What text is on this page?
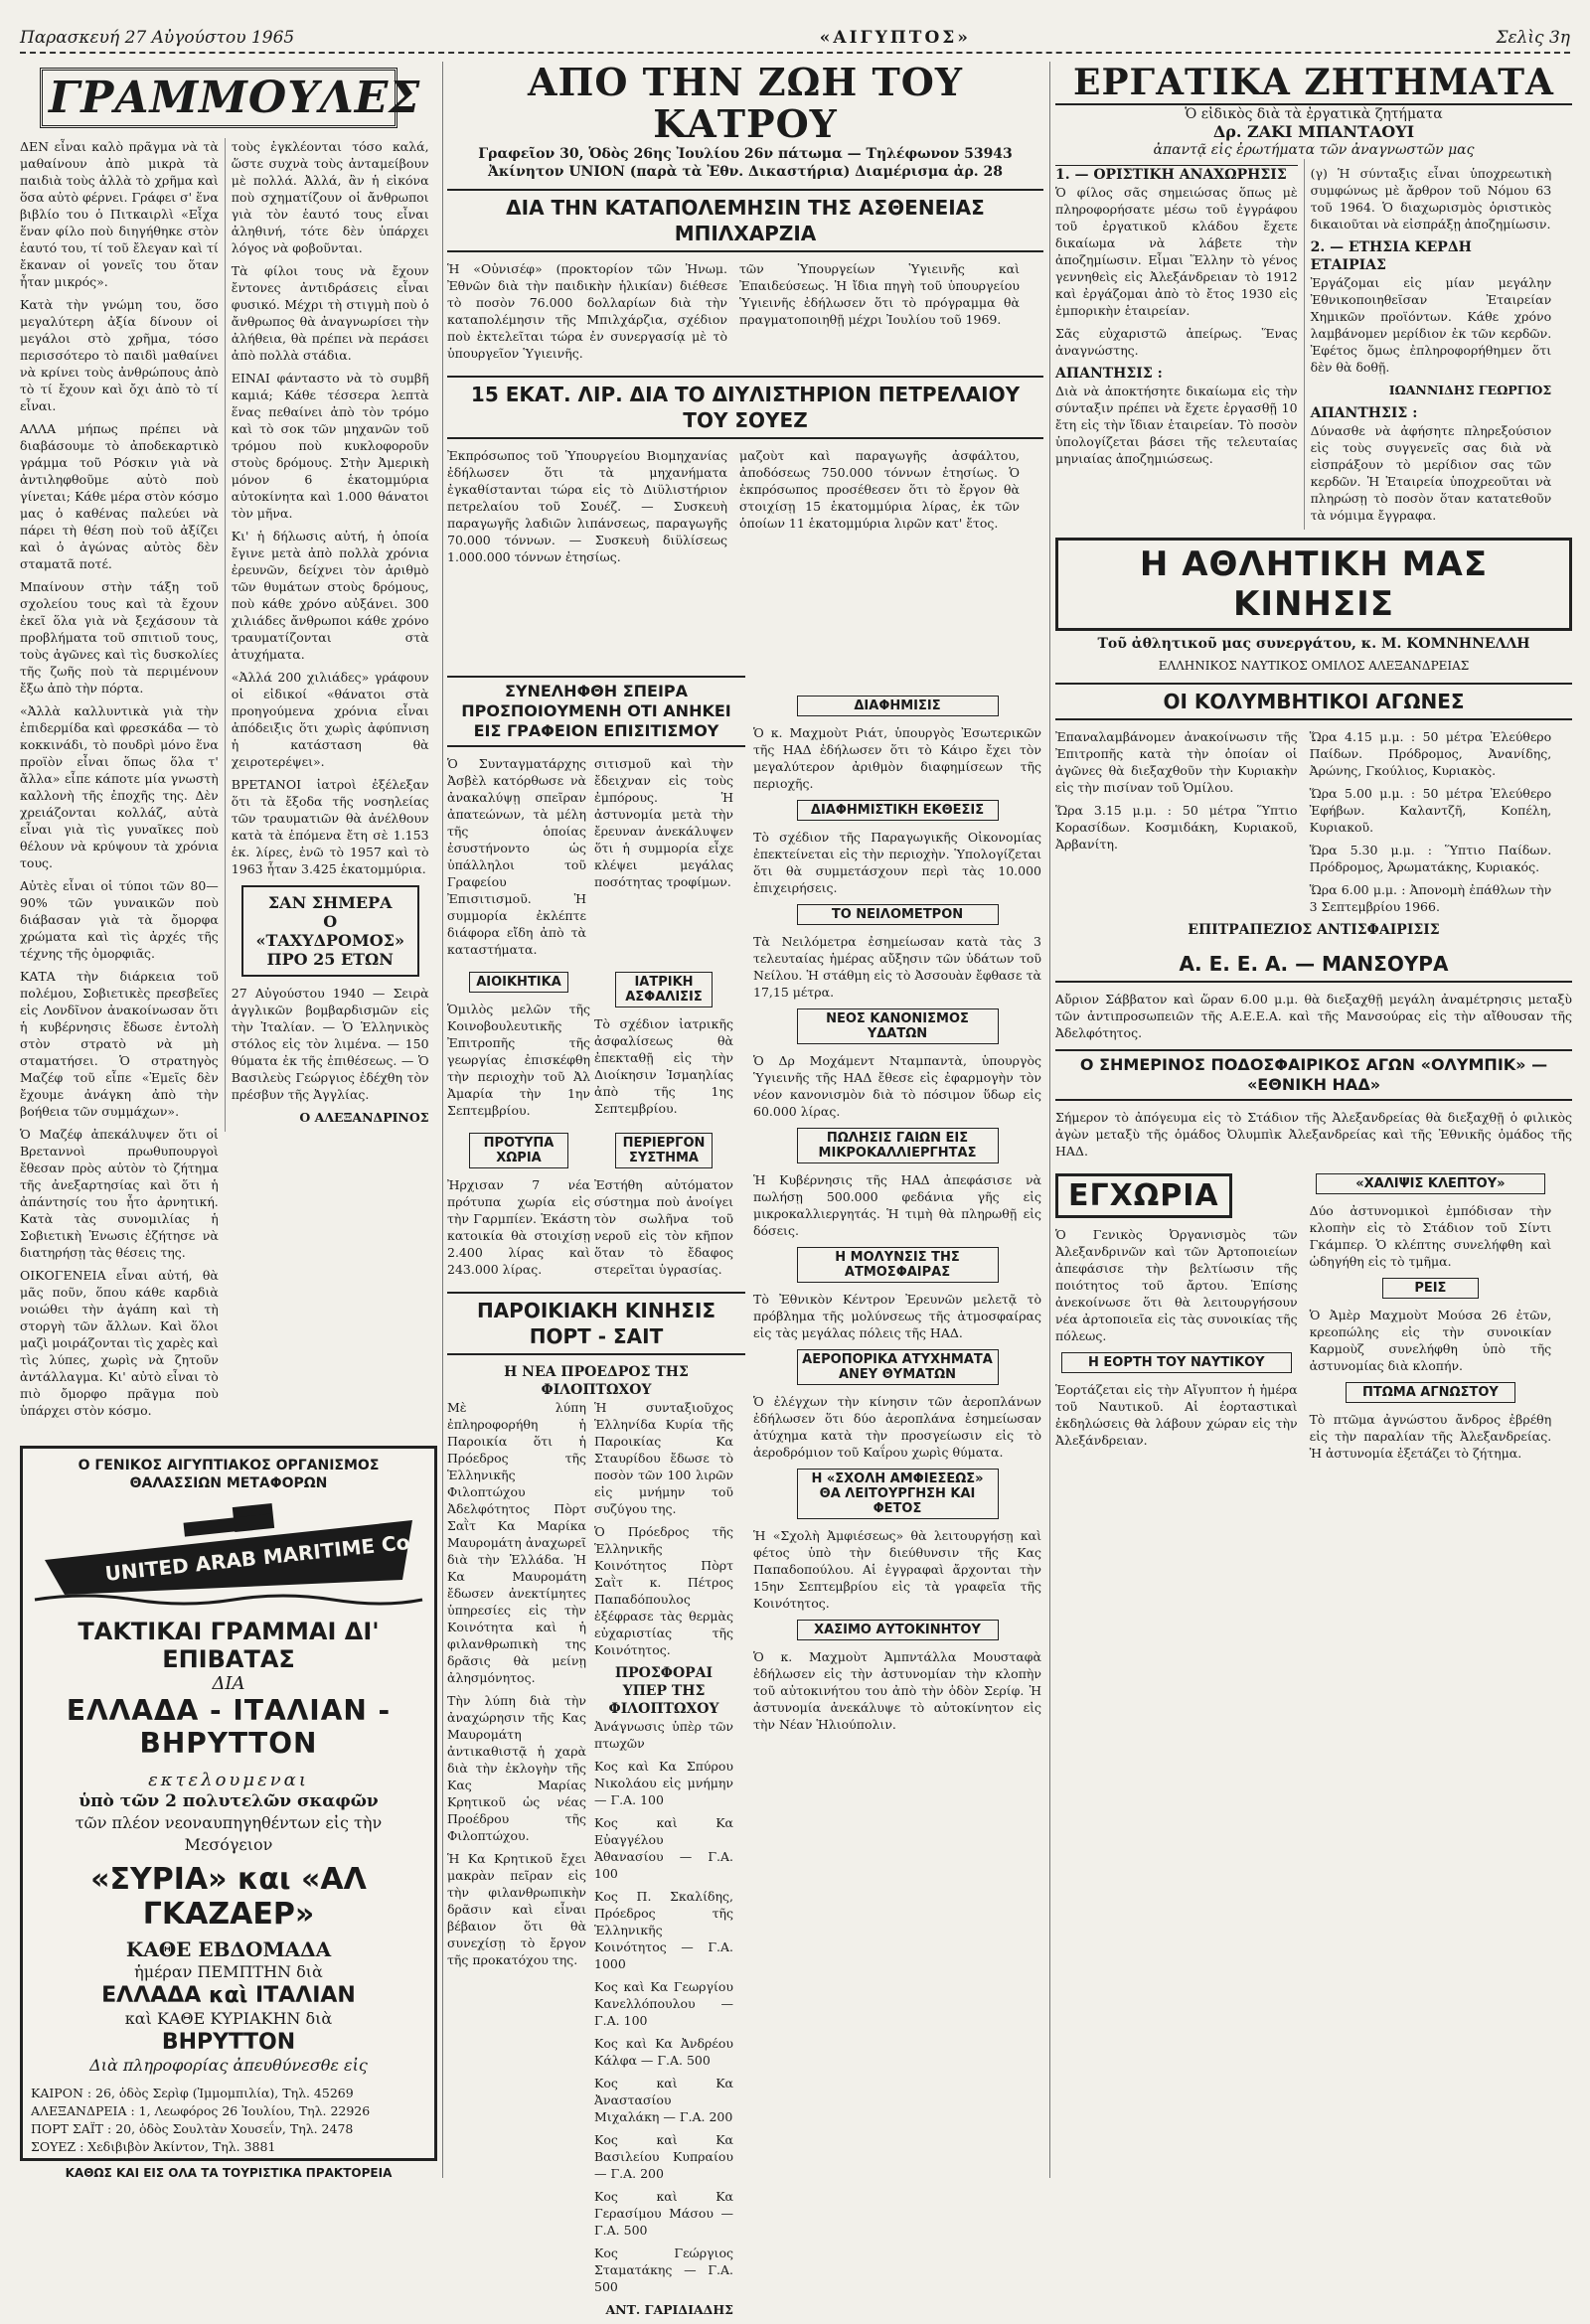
Παρασκευή 27 Αὐγούστου 1965	«ΑΙΓΥΠΤΟΣ»	Σελὶς 3η
ΓΡΑΜΜΟΥΛΕΣ

ΔΕΝ εἶναι καλὸ πρᾶγμα νὰ τὰ μαθαίνουν ἀπὸ μικρὰ τὰ παιδιὰ τοὺς ἀλλὰ τὸ χρῆμα καὶ ὅσα αὐτὸ φέρνει. Γράφει σ' ἕνα βιβλίο του ὁ Πιτκαιρλὶ «Εἶχα ἕναν φίλο ποὺ διηγήθηκε στὸν ἑαυτό του, τί τοῦ ἔλεγαν καὶ τί ἔκαναν οἱ γονεῖς του ὅταν ἦταν μικρός».

Κατὰ τὴν γνώμη του, ὅσο μεγαλύτερη ἀξία δίνουν οἱ μεγάλοι στὸ χρῆμα, τόσο περισσότερο τὸ παιδὶ μαθαίνει νὰ κρίνει τοὺς ἀνθρώπους ἀπὸ τὸ τί ἔχουν καὶ ὄχι ἀπὸ τὸ τί εἶναι.

ΑΛΛΑ μήπως πρέπει νὰ διαβάσουμε τὸ ἀποδεκαρτικὸ γράμμα τοῦ Ρόσκιν γιὰ νὰ ἀντιληφθοῦμε αὐτὸ ποὺ γίνεται; Κάθε μέρα στὸν κόσμο μας ὁ καθένας παλεύει νὰ πάρει τὴ θέση ποὺ τοῦ ἀξίζει καὶ ὁ ἀγώνας αὐτὸς δὲν σταματᾶ ποτέ.

Μπαίνουν στὴν τάξη τοῦ σχολείου τους καὶ τὰ ἔχουν ἐκεῖ ὅλα γιὰ νὰ ξεχάσουν τὰ προβλήματα τοῦ σπιτιοῦ τους, τοὺς ἀγῶνες καὶ τὶς δυσκολίες τῆς ζωῆς ποὺ τὰ περιμένουν ἔξω ἀπὸ τὴν πόρτα.

«Ἀλλὰ καλλυντικὰ γιὰ τὴν ἐπιδερμίδα καὶ φρεσκάδα — τὸ κοκκινάδι, τὸ πουδρὶ μόνο ἕνα προϊὸν εἶναι ὅπως ὅλα τ' ἄλλα» εἶπε κάποτε μία γνωστὴ καλλονὴ τῆς ἐποχῆς της. Δὲν χρειάζονται κολλάζ, αὐτὰ εἶναι γιὰ τὶς γυναῖκες ποὺ θέλουν νὰ κρύψουν τὰ χρόνια τους.

Αὐτὲς εἶναι οἱ τύποι τῶν 80—90% τῶν γυναικῶν ποὺ διάβασαν γιὰ τὰ ὄμορφα χρώματα καὶ τὶς ἀρχές τῆς τέχνης τῆς ὀμορφιᾶς.

ΚΑΤΑ τὴν διάρκεια τοῦ πολέμου, Σοβιετικὲς πρεσβεῖες εἰς Λονδῖνον ἀνακοίνωσαν ὅτι ἡ κυβέρνησις ἔδωσε ἐντολὴ στὸν στρατὸ νὰ μὴ σταματήσει. Ὁ στρατηγὸς Μαζέφ τοῦ εἶπε «Ἐμεῖς δὲν ἔχουμε ἀνάγκη ἀπὸ τὴν βοήθεια τῶν συμμάχων».

Ὁ Μαζέφ ἀπεκάλυψεν ὅτι οἱ Βρεταννοὶ πρωθυπουργοὶ ἔθεσαν πρὸς αὐτὸν τὸ ζήτημα τῆς ἀνεξαρτησίας καὶ ὅτι ἡ ἀπάντησίς του ἦτο ἀρνητική. Κατὰ τὰς συνομιλίας ἡ Σοβιετικὴ Ἑνωσις ἐζήτησε νὰ διατηρήσῃ τὰς θέσεις της.

ΟΙΚΟΓΕΝΕΙΑ εἶναι αὐτή, θὰ μᾶς ποῦν, ὅπου κάθε καρδιὰ νοιώθει τὴν ἀγάπη καὶ τὴ στοργὴ τῶν ἄλλων. Καὶ ὅλοι μαζὶ μοιράζονται τὶς χαρὲς καὶ τὶς λύπες, χωρὶς νὰ ζητοῦν ἀντάλλαγμα. Κι' αὐτὸ εἶναι τὸ πιὸ ὄμορφο πρᾶγμα ποὺ ὑπάρχει στὸν κόσμο.

τοὺς ἐγκλέονται τόσο καλά, ὥστε συχνὰ τοὺς ἀνταμείβουν μὲ πολλά. Ἀλλά, ἂν ἡ εἰκόνα ποὺ σχηματίζουν οἱ ἄνθρωποι γιὰ τὸν ἑαυτό τους εἶναι ἀληθινή, τότε δὲν ὑπάρχει λόγος νὰ φοβοῦνται.

Τὰ φίλοι τους νὰ ἔχουν ἔντονες ἀντιδράσεις εἶναι φυσικό. Μέχρι τὴ στιγμὴ ποὺ ὁ ἄνθρωπος θὰ ἀναγνωρίσει τὴν ἀλήθεια, θὰ πρέπει νὰ περάσει ἀπὸ πολλὰ στάδια.

ΕΙΝΑΙ φάνταστο νὰ τὸ συμβῆ καμιά; Κάθε τέσσερα λεπτὰ ἕνας πεθαίνει ἀπὸ τὸν τρόμο καὶ τὸ σοκ τῶν μηχανῶν τοῦ τρόμου ποὺ κυκλοφοροῦν στοὺς δρόμους. Στὴν Ἀμερικὴ μόνον 6 ἑκατομμύρια αὐτοκίνητα καὶ 1.000 θάνατοι τὸν μῆνα.

Κι' ἡ δήλωσις αὐτή, ἡ ὁποία ἔγινε μετὰ ἀπὸ πολλὰ χρόνια ἐρευνῶν, δείχνει τὸν ἀριθμὸ τῶν θυμάτων στοὺς δρόμους, ποὺ κάθε χρόνο αὐξάνει. 300 χιλιάδες ἄνθρωποι κάθε χρόνο τραυματίζονται στὰ ἀτυχήματα.

«Ἀλλά 200 χιλιάδες» γράφουν οἱ εἰδικοί «θάνατοι στὰ προηγούμενα χρόνια εἶναι ἀπόδειξις ὅτι χωρὶς ἀφύπνιση ἡ κατάσταση θὰ χειροτερέψει».

ΒΡΕΤΑΝΟΙ ἰατροὶ ἐξέλεξαν ὅτι τὰ ἔξοδα τῆς νοσηλείας τῶν τραυματιῶν θὰ ἀνέλθουν κατὰ τὰ ἑπόμενα ἔτη σὲ 1.153 ἑκ. λίρες, ἐνῶ τὸ 1957 καὶ τὸ 1963 ἦταν 3.425 ἑκατομμύρια.

ΣΑΝ ΣΗΜΕΡΑ
Ο «ΤΑΧΥΔΡΟΜΟΣ»
ΠΡΟ 25 ΕΤΩΝ

27 Αὐγούστου 1940 — Σειρὰ ἀγγλικῶν βομβαρδισμῶν εἰς τὴν Ἰταλίαν. — Ὁ Ἑλληνικὸς στόλος εἰς τὸν λιμένα. — 150 θύματα ἐκ τῆς ἐπιθέσεως. — Ὁ Βασιλεὺς Γεώργιος ἐδέχθη τὸν πρέσβυν τῆς Ἀγγλίας.

Ο ΑΛΕΞΑΝΔΡΙΝΟΣ

Ο ΓΕΝΙΚΟΣ ΑΙΓΥΠΤΙΑΚΟΣ ΟΡΓΑΝΙΣΜΟΣ
ΘΑΛΑΣΣΙΩΝ ΜΕΤΑΦΟΡΩΝ
UNITED ARAB MARITIME Co.
ΤΑΚΤΙΚΑΙ ΓΡΑΜΜΑΙ ΔΙ' ΕΠΙΒΑΤΑΣ
ΔΙΑ
ΕΛΛΑΔΑ - ΙΤΑΛΙΑΝ - ΒΗΡΥΤΤΟΝ
εκτελουμεναι
ὑπὸ τῶν 2 πολυτελῶν σκαφῶν
τῶν πλέον νεοναυπηγηθέντων εἰς τὴν Μεσόγειον
«ΣΥΡΙΑ» και «ΑΛ ΓΚΑΖΑΕΡ»
ΚΑΘΕ ΕΒΔΟΜΑΔΑ
ἡμέραν ΠΕΜΠΤΗΝ διὰ
ΕΛΛΑΔΑ καὶ ΙΤΑΛΙΑΝ
καὶ ΚΑΘΕ ΚΥΡΙΑΚΗΝ διὰ
ΒΗΡΥΤΤΟΝ
Διὰ πληροφορίας ἀπευθύνεσθε εἰς
ΚΑΙΡΟΝ : 26, ὁδὸς Σερὶφ (Ἰμμομπιλία), Τηλ. 45269
ΑΛΕΞΑΝΔΡΕΙΑ : 1, Λεωφόρος 26 Ἰουλίου, Τηλ. 22926
ΠΟΡΤ ΣΑΪΤ : 20, ὁδὸς Σουλτὰν Χουσεΐν, Τηλ. 2478
ΣΟΥΕΖ : Χεδιβιβὸν Ἀκίντον, Τηλ. 3881
ΚΑΘΩΣ ΚΑΙ ΕΙΣ ΟΛΑ ΤΑ ΤΟΥΡΙΣΤΙΚΑ ΠΡΑΚΤΟΡΕΙΑ
ΑΠΟ ΤΗΝ ΖΩΗ ΤΟΥ ΚΑΤΡΟΥ
Γραφεῖον 30, Ὁδὸς 26ης Ἰουλίου 26ν πάτωμα — Τηλέφωνον 53943
Ἀκίνητον UNION (παρὰ τὰ Ἐθν. Δικαστήρια) Διαμέρισμα ἀρ. 28
ΔΙΑ ΤΗΝ ΚΑΤΑΠΟΛΕΜΗΣΙΝ ΤΗΣ ΑΣΘΕΝΕΙΑΣ ΜΠΙΛΧΑΡΖΙΑ

Ἡ «Οὐνισέφ» (προκτορίον τῶν Ἡνωμ. Ἐθνῶν διὰ τὴν παιδικὴν ἡλικίαν) διέθεσε τὸ ποσὸν 76.000 δολλαρίων διὰ τὴν καταπολέμησιν τῆς Μπιλχάρζια, σχέδιον ποὺ ἐκτελεῖται τώρα ἐν συνεργασίᾳ μὲ τὸ ὑπουργεῖον Ὑγιεινῆς.

τῶν Ὑπουργείων Ὑγιεινῆς καὶ Ἐπαιδεύσεως. Ἡ ἴδια πηγὴ τοῦ ὑπουργείου Ὑγιεινῆς ἐδήλωσεν ὅτι τὸ πρόγραμμα θὰ πραγματοποιηθῇ μέχρι Ἰουλίου τοῦ 1969.

15 ΕΚΑΤ. ΛΙΡ. ΔΙΑ ΤΟ ΔΙΥΛΙΣΤΗΡΙΟΝ ΠΕΤΡΕΛΑΙΟΥ ΤΟΥ ΣΟΥΕΖ

Ἐκπρόσωπος τοῦ Ὑπουργείου Βιομηχανίας ἐδήλωσεν ὅτι τὰ μηχανήματα ἐγκαθίστανται τώρα εἰς τὸ Διϋλιστήριον πετρελαίου τοῦ Σουέζ. — Συσκευὴ παραγωγῆς λαδιῶν λιπάνσεως, παραγωγῆς 70.000 τόννων. — Συσκευὴ διϋλίσεως 1.000.000 τόννων ἐτησίως.

μαζοὺτ καὶ παραγωγῆς ἀσφάλτου, ἀποδόσεως 750.000 τόννων ἐτησίως. Ὁ ἐκπρόσωπος προσέθεσεν ὅτι τὸ ἔργον θὰ στοιχίσῃ 15 ἑκατομμύρια λίρας, ἐκ τῶν ὁποίων 11 ἑκατομμύρια λιρῶν κατ' ἔτος.

ΣΥΝΕΛΗΦΘΗ ΣΠΕΙΡΑ ΠΡΟΣΠΟΙΟΥΜΕΝΗ ΟΤΙ ΑΝΗΚΕΙ ΕΙΣ ΓΡΑΦΕΙΟΝ ΕΠΙΣΙΤΙΣΜΟΥ

Ὁ Συνταγματάρχης Ἀσβὲλ κατόρθωσε νὰ ἀνακαλύψῃ σπεῖραν ἀπατεώνων, τὰ μέλη τῆς ὁποίας ἐσυστήνοντο ὡς ὑπάλληλοι τοῦ Γραφείου Ἐπισιτισμοῦ. Ἡ συμμορία ἐκλέπτε διάφορα εἴδη ἀπὸ τὰ καταστήματα.

σιτισμοῦ καὶ τὴν ἔδειχναν εἰς τοὺς ἐμπόρους. Ἡ ἀστυνομία μετὰ τὴν ἔρευναν ἀνεκάλυψεν ὅτι ἡ συμμορία εἶχε κλέψει μεγάλας ποσότητας τροφίμων.

ΑΙΟΙΚΗΤΙΚΑ

Ὁμιλὸς μελῶν τῆς Κοινοβουλευτικῆς Ἐπιτροπῆς τῆς γεωργίας ἐπισκέφθη τὴν περιοχὴν τοῦ Ἀλ Ἀμαρία τὴν 1ην Σεπτεμβρίου.

ΙΑΤΡΙΚΗ ΑΣΦΑΛΙΣΙΣ

Τὸ σχέδιον ἰατρικῆς ἀσφαλίσεως θὰ ἐπεκταθῇ εἰς τὴν Διοίκησιν Ἰσμαηλίας ἀπὸ τῆς 1ης Σεπτεμβρίου.

ΠΡΟΤΥΠΑ ΧΩΡΙΑ

Ἠρχισαν 7 νέα πρότυπα χωρία εἰς τὴν Γαρμπίεν. Ἑκάστη κατοικία θὰ στοιχίσῃ 2.400 λίρας καὶ 243.000 λίρας.

ΠΕΡΙΕΡΓΟΝ ΣΥΣΤΗΜΑ

Ἐστήθη αὐτόματον σύστημα ποὺ ἀνοίγει τὸν σωλῆνα τοῦ νεροῦ εἰς τὸν κῆπον ὅταν τὸ ἔδαφος στερεῖται ὑγρασίας.

ΠΑΡΟΙΚΙΑΚΗ ΚΙΝΗΣΙΣ ΠΟΡΤ - ΣΑΙΤ
Η ΝΕΑ ΠΡΟΕΔΡΟΣ ΤΗΣ ΦΙΛΟΠΤΩΧΟΥ

Μὲ λύπη ἐπληροφορήθη ἡ Παροικία ὅτι ἡ Πρόεδρος τῆς Ἑλληνικῆς Φιλοπτώχου Ἀδελφότητος Πὸρτ Σαῒτ Κα Μαρίκα Μαυρομάτη ἀναχωρεῖ διὰ τὴν Ἑλλάδα. Ἡ Κα Μαυρομάτη ἔδωσεν ἀνεκτίμητες ὑπηρεσίες εἰς τὴν Κοινότητα καὶ ἡ φιλανθρωπικὴ της δρᾶσις θὰ μείνῃ ἀλησμόνητος.

Τὴν λύπη διὰ τὴν ἀναχώρησιν τῆς Κας Μαυρομάτη ἀντικαθιστᾷ ἡ χαρὰ διὰ τὴν ἐκλογὴν τῆς Κας Μαρίας Κρητικοῦ ὡς νέας Προέδρου τῆς Φιλοπτώχου.

Ἡ Κα Κρητικοῦ ἔχει μακρὰν πεῖραν εἰς τὴν φιλανθρωπικὴν δρᾶσιν καὶ εἶναι βέβαιον ὅτι θὰ συνεχίσῃ τὸ ἔργον τῆς προκατόχου της.

Ἡ συνταξιοῦχος Ἑλληνίδα Κυρία τῆς Παροικίας Κα Σταυρίδου ἔδωσε τὸ ποσὸν τῶν 100 λιρῶν εἰς μνήμην τοῦ συζύγου της.

Ὁ Πρόεδρος τῆς Ἑλληνικῆς Κοινότητος Πὸρτ Σαῒτ κ. Πέτρος Παπαδόπουλος ἐξέφρασε τὰς θερμὰς εὐχαριστίας τῆς Κοινότητος.

ΠΡΟΣΦΟΡΑΙ ΥΠΕΡ ΤΗΣ ΦΙΛΟΠΤΩΧΟΥ

Ἀνάγνωσις ὑπὲρ τῶν πτωχῶν

Κος καὶ Κα Σπύρου Νικολάου εἰς μνήμην — Γ.Α. 100

Κος καὶ Κα Εὐαγγέλου Ἀθανασίου — Γ.Α. 100

Κος Π. Σκαλίδης, Πρόεδρος τῆς Ἑλληνικῆς Κοινότητος — Γ.Α. 1000

Κος καὶ Κα Γεωργίου Κανελλόπουλου — Γ.Α. 100

Κος καὶ Κα Ἀνδρέου Κάλφα — Γ.Α. 500

Κος καὶ Κα Ἀναστασίου Μιχαλάκη — Γ.Α. 200

Κος καὶ Κα Βασιλείου Κυπραίου — Γ.Α. 200

Κος καὶ Κα Γερασίμου Μάσου — Γ.Α. 500

Κος Γεώργιος Σταματάκης — Γ.Α. 500

ΑΝΤ. ΓΑΡΙΔΙΑΔΗΣ

ΔΙΑΦΗΜΙΣΙΣ

Ὁ κ. Μαχμοὺτ Ριάτ, ὑπουργὸς Ἐσωτερικῶν τῆς ΗΑΔ ἐδήλωσεν ὅτι τὸ Κάιρο ἔχει τὸν μεγαλύτερον ἀριθμὸν διαφημίσεων τῆς περιοχῆς.

ΔΙΑΦΗΜΙΣΤΙΚΗ ΕΚΘΕΣΙΣ

Τὸ σχέδιον τῆς Παραγωγικῆς Οἰκονομίας ἐπεκτείνεται εἰς τὴν περιοχὴν. Ὑπολογίζεται ὅτι θὰ συμμετάσχουν περὶ τὰς 10.000 ἐπιχειρήσεις.

ΤΟ ΝΕΙΛΟΜΕΤΡΟΝ

Τὰ Νειλόμετρα ἐσημείωσαν κατὰ τὰς 3 τελευταίας ἡμέρας αὔξησιν τῶν ὑδάτων τοῦ Νείλου. Ἡ στάθμη εἰς τὸ Ἀσσουὰν ἔφθασε τὰ 17,15 μέτρα.

ΝΕΟΣ ΚΑΝΟΝΙΣΜΟΣ ΥΔΑΤΩΝ

Ὁ Δρ Μοχάμεντ Νταμπαντὰ, ὑπουργὸς Ὑγιεινῆς τῆς ΗΑΔ ἔθεσε εἰς ἐφαρμογὴν τὸν νέον κανονισμὸν διὰ τὸ πόσιμον ὕδωρ εἰς 60.000 λίρας.

ΠΩΛΗΣΙΣ ΓΑΙΩΝ ΕΙΣ ΜΙΚΡΟΚΑΛΛΙΕΡΓΗΤΑΣ

Ἡ Κυβέρνησις τῆς ΗΑΔ ἀπεφάσισε νὰ πωλήσῃ 500.000 φεδάνια γῆς εἰς μικροκαλλιεργητάς. Ἡ τιμὴ θὰ πληρωθῇ εἰς δόσεις.

Η ΜΟΛΥΝΣΙΣ ΤΗΣ ΑΤΜΟΣΦΑΙΡΑΣ

Τὸ Ἐθνικὸν Κέντρον Ἐρευνῶν μελετᾷ τὸ πρόβλημα τῆς μολύνσεως τῆς ἀτμοσφαίρας εἰς τὰς μεγάλας πόλεις τῆς ΗΑΔ.

ΑΕΡΟΠΟΡΙΚΑ ΑΤΥΧΗΜΑΤΑ ΑΝΕΥ ΘΥΜΑΤΩΝ

Ὁ ἐλέγχων τὴν κίνησιν τῶν ἀεροπλάνων ἐδήλωσεν ὅτι δύο ἀεροπλάνα ἐσημείωσαν ἀτύχημα κατὰ τὴν προσγείωσιν εἰς τὸ ἀεροδρόμιον τοῦ Καΐρου χωρὶς θύματα.

Η «ΣΧΟΛΗ ΑΜΦΙΕΣΕΩΣ» ΘΑ ΛΕΙΤΟΥΡΓΗΣΗ ΚΑΙ ΦΕΤΟΣ

Ἡ «Σχολὴ Ἀμφιέσεως» θὰ λειτουργήσῃ καὶ φέτος ὑπὸ τὴν διεύθυνσιν τῆς Κας Παπαδοπούλου. Αἱ ἐγγραφαὶ ἄρχονται τὴν 15ην Σεπτεμβρίου εἰς τὰ γραφεῖα τῆς Κοινότητος.

ΧΑΣΙΜΟ ΑΥΤΟΚΙΝΗΤΟΥ

Ὁ κ. Μαχμοὺτ Ἀμπντάλλα Μουσταφὰ ἐδήλωσεν εἰς τὴν ἀστυνομίαν τὴν κλοπὴν τοῦ αὐτοκινήτου του ἀπὸ τὴν ὁδὸν Σερίφ. Ἡ ἀστυνομία ἀνεκάλυψε τὸ αὐτοκίνητον εἰς τὴν Νέαν Ἡλιούπολιν.

ΕΡΓΑΤΙΚΑ ΖΗΤΗΜΑΤΑ
Ὁ εἰδικὸς διὰ τὰ ἐργατικὰ ζητήματα
Δρ. ΖΑΚΙ ΜΠΑΝΤΑΟΥΙ
ἀπαντᾷ εἰς ἐρωτήματα τῶν ἀναγνωστῶν μας
1. — ΟΡΙΣΤΙΚΗ ΑΝΑΧΩΡΗΣΙΣ

Ὁ φίλος σᾶς σημειώσας ὅπως μὲ πληροφορήσατε μέσω τοῦ ἐγγράφου τοῦ ἐργατικοῦ κλάδου ἔχετε δικαίωμα νὰ λάβετε τὴν ἀποζημίωσιν. Εἶμαι Ἕλλην τὸ γένος γεννηθεὶς εἰς Ἀλεξάνδρειαν τὸ 1912 καὶ ἐργάζομαι ἀπὸ τὸ ἔτος 1930 εἰς ἐμπορικὴν ἑταιρείαν.

Σᾶς εὐχαριστῶ ἀπείρως. Ἕνας ἀναγνώστης.

ΑΠΑΝΤΗΣΙΣ :

Διὰ νὰ ἀποκτήσητε δικαίωμα εἰς τὴν σύνταξιν πρέπει νὰ ἔχετε ἐργασθῇ 10 ἔτη εἰς τὴν ἴδιαν ἑταιρείαν. Τὸ ποσὸν ὑπολογίζεται βάσει τῆς τελευταίας μηνιαίας ἀποζημιώσεως.

(γ) Ἡ σύνταξις εἶναι ὑποχρεωτικὴ συμφώνως μὲ ἄρθρον τοῦ Νόμου 63 τοῦ 1964. Ὁ διαχωρισμὸς ὁριστικὸς δικαιοῦται νὰ εἰσπράξῃ ἀποζημίωσιν.

2. — ΕΤΗΣΙΑ ΚΕΡΔΗ ΕΤΑΙΡΙΑΣ

Ἐργάζομαι εἰς μίαν μεγάλην Ἐθνικοποιηθεῖσαν Ἑταιρείαν Χημικῶν προϊόντων. Κάθε χρόνο λαμβάνομεν μερίδιον ἐκ τῶν κερδῶν. Ἐφέτος ὅμως ἐπληροφορήθημεν ὅτι δὲν θὰ δοθῇ.

ΙΩΑΝΝΙΔΗΣ ΓΕΩΡΓΙΟΣ

ΑΠΑΝΤΗΣΙΣ :

Δύνασθε νὰ ἀφήσητε πληρεξούσιον εἰς τοὺς συγγενεῖς σας διὰ νὰ εἰσπράξουν τὸ μερίδιον σας τῶν κερδῶν. Ἡ Ἑταιρεία ὑποχρεοῦται νὰ πληρώσῃ τὸ ποσὸν ὅταν κατατεθοῦν τὰ νόμιμα ἔγγραφα.

Η ΑΘΛΗΤΙΚΗ ΜΑΣ ΚΙΝΗΣΙΣ
Τοῦ ἀθλητικοῦ μας συνεργάτου, κ. Μ. ΚΟΜΝΗΝΕΛΛΗ
ΕΛΛΗΝΙΚΟΣ ΝΑΥΤΙΚΟΣ ΟΜΙΛΟΣ ΑΛΕΞΑΝΔΡΕΙΑΣ
ΟΙ ΚΟΛΥΜΒΗΤΙΚΟΙ ΑΓΩΝΕΣ

Ἐπαναλαμβάνομεν ἀνακοίνωσιν τῆς Ἐπιτροπῆς κατὰ τὴν ὁποίαν οἱ ἀγῶνες θὰ διεξαχθοῦν τὴν Κυριακὴν εἰς τὴν πισίναν τοῦ Ὁμίλου.

Ὥρα 3.15 μ.μ. : 50 μέτρα Ὕπτιο Κορασίδων. Κοσμιδάκη, Κυριακοῦ, Ἀρβανίτη.

Ὥρα 4.15 μ.μ. : 50 μέτρα Ἐλεύθερο Παίδων. Πρόδρομος, Ἀνανίδης, Ἀρώνης, Γκούλιος, Κυριακὸς.

Ὥρα 5.00 μ.μ. : 50 μέτρα Ἐλεύθερο Ἐφήβων. Καλαντζῆ, Κοπέλη, Κυριακοῦ.

Ὥρα 5.30 μ.μ. : Ὕπτιο Παίδων. Πρόδρομος, Ἀρωματάκης, Κυριακός.

Ὥρα 6.00 μ.μ. : Ἀπονομὴ ἐπάθλων τὴν 3 Σεπτεμβρίου 1966.

ΕΠΙΤΡΑΠΕΖΙΟΣ ΑΝΤΙΣΦΑΙΡΙΣΙΣ
Α. Ε. Ε. Α. — ΜΑΝΣΟΥΡΑ

Αὔριον Σάββατον καὶ ὥραν 6.00 μ.μ. θὰ διεξαχθῇ μεγάλη ἀναμέτρησις μεταξὺ τῶν ἀντιπροσωπειῶν τῆς Α.Ε.Ε.Α. καὶ τῆς Μανσούρας εἰς τὴν αἴθουσαν τῆς Ἀδελφότητος.

Ο ΣΗΜΕΡΙΝΟΣ ΠΟΔΟΣΦΑΙΡΙΚΟΣ ΑΓΩΝ «ΟΛΥΜΠΙΚ» — «ΕΘΝΙΚΗ ΗΑΔ»

Σήμερον τὸ ἀπόγευμα εἰς τὸ Στάδιον τῆς Ἀλεξανδρείας θὰ διεξαχθῇ ὁ φιλικὸς ἀγὼν μεταξὺ τῆς ὁμάδος Ὀλυμπὶκ Ἀλεξανδρείας καὶ τῆς Ἐθνικῆς ὁμάδος τῆς ΗΑΔ.

ΕΓΧΩΡΙΑ

Ὁ Γενικὸς Ὀργανισμὸς τῶν Ἀλεξανδρινῶν καὶ τῶν Ἀρτοποιείων ἀπεφάσισε τὴν βελτίωσιν τῆς ποιότητος τοῦ ἄρτου. Ἐπίσης ἀνεκοίνωσε ὅτι θὰ λειτουργήσουν νέα ἀρτοποιεῖα εἰς τὰς συνοικίας τῆς πόλεως.

Η ΕΟΡΤΗ ΤΟΥ ΝΑΥΤΙΚΟΥ

Ἑορτάζεται εἰς τὴν Αἴγυπτον ἡ ἡμέρα τοῦ Ναυτικοῦ. Αἱ ἑορταστικαὶ ἐκδηλώσεις θὰ λάβουν χώραν εἰς τὴν Ἀλεξάνδρειαν.

«ΧΑΛΙΨΙΣ ΚΛΕΠΤΟΥ»

Δύο ἀστυνομικοὶ ἐμπόδισαν τὴν κλοπὴν εἰς τὸ Στάδιον τοῦ Σίντι Γκάμπερ. Ὁ κλέπτης συνελήφθη καὶ ὡδηγήθη εἰς τὸ τμῆμα.

ΡΕΙΣ

Ὁ Ἀμὲρ Μαχμοὺτ Μούσα 26 ἐτῶν, κρεοπώλης εἰς τὴν συνοικίαν Καρμοὺζ συνελήφθη ὑπὸ τῆς ἀστυνομίας διὰ κλοπήν.

ΠΤΩΜΑ ΑΓΝΩΣΤΟΥ

Τὸ πτῶμα ἀγνώστου ἄνδρος ἐβρέθη εἰς τὴν παραλίαν τῆς Ἀλεξανδρείας. Ἡ ἀστυνομία ἐξετάζει τὸ ζήτημα.
